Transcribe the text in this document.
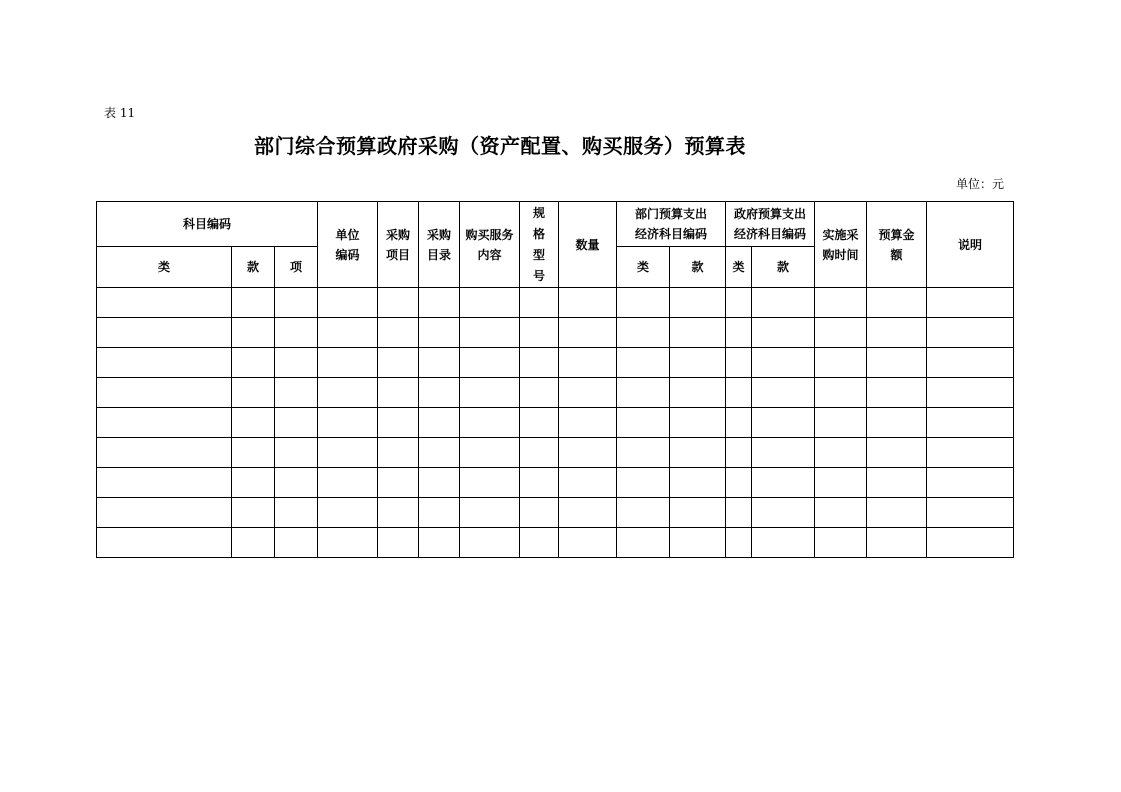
表 11
部门综合预算政府采购（资产配置、购买服务）预算表
单位：元
科目编码			单位编码	采购项目	采购目录	购买服务内容	规格型号	数量	部门预算支出经济科目编码		政府预算支出经济科目编码		实施采购时间	预算金额	说明
类	款	项							类	款	类	款			
